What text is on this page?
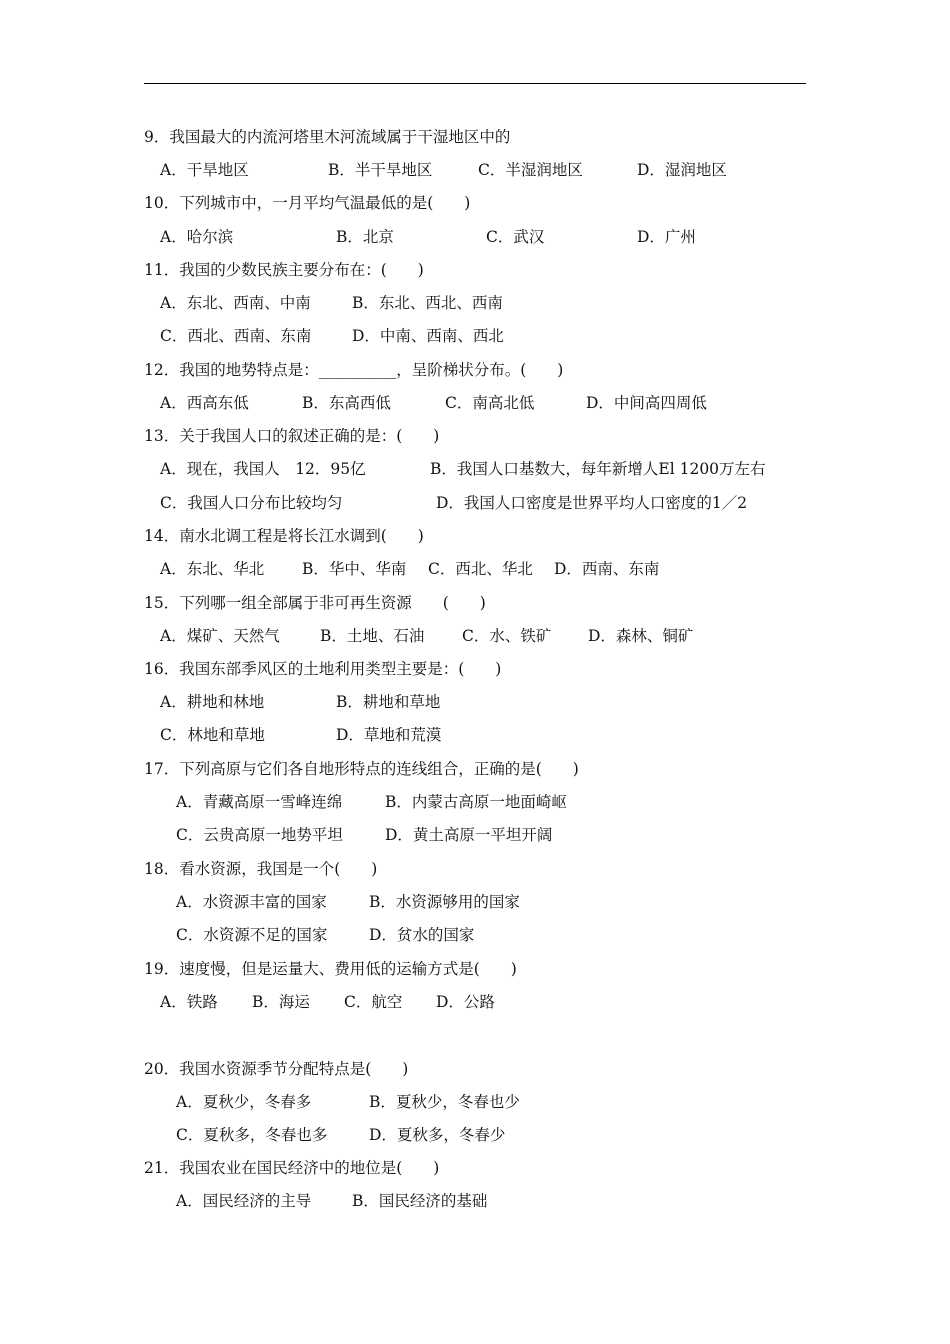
9．我国最大的内流河塔里木河流域属于干湿地区中的

A．干旱地区

	B．半干旱地区

	C．半湿润地区

	D．湿润地区

10．下列城市中，一月平均气温最低的是(　　)

A．哈尔滨

	B．北京

	C．武汉

	D．广州

11．我国的少数民族主要分布在：(　　)

A．东北、西南、中南

	B．东北、西北、西南

C．西北、西南、东南

	D．中南、西南、西北

12．我国的地势特点是：__________，呈阶梯状分布。(　　)

A．西高东低

	B．东高西低

	C．南高北低

	D．中间高四周低

13．关于我国人口的叙述正确的是：(　　)

A．现在，我国人　12．95亿

	B．我国人口基数大，每年新增人El 1200万左右

C．我国人口分布比较均匀

	D．我国人口密度是世界平均人口密度的1／2

14．南水北调工程是将长江水调到(　　)

A．东北、华北

B．华中、华南

C．西北、华北

D．西南、东南

15．下列哪一组全部属于非可再生资源　　(　　)

A．煤矿、天然气

	B．土地、石油

C．水、铁矿

D．森林、铜矿

16．我国东部季风区的土地利用类型主要是：(　　)

A．耕地和林地

	B．耕地和草地

C．林地和草地

	D．草地和荒漠

17．下列高原与它们各自地形特点的连线组合，正确的是(　　)

A．青藏高原一雪峰连绵

	B．内蒙古高原一地面崎岖

C．云贵高原一地势平坦

	D．黄土高原一平坦开阔

18．看水资源，我国是一个(　　)

A．水资源丰富的国家

	B．水资源够用的国家

C．水资源不足的国家

	D．贫水的国家

19．速度慢，但是运量大、费用低的运输方式是(　　)

A．铁路

B．海运

C．航空

D．公路

20．我国水资源季节分配特点是(　　)

A．夏秋少，冬春多

	B．夏秋少，冬春也少

C．夏秋多，冬春也多

	D．夏秋多，冬春少

21．我国农业在国民经济中的地位是(　　)

A．国民经济的主导

	B．国民经济的基础
